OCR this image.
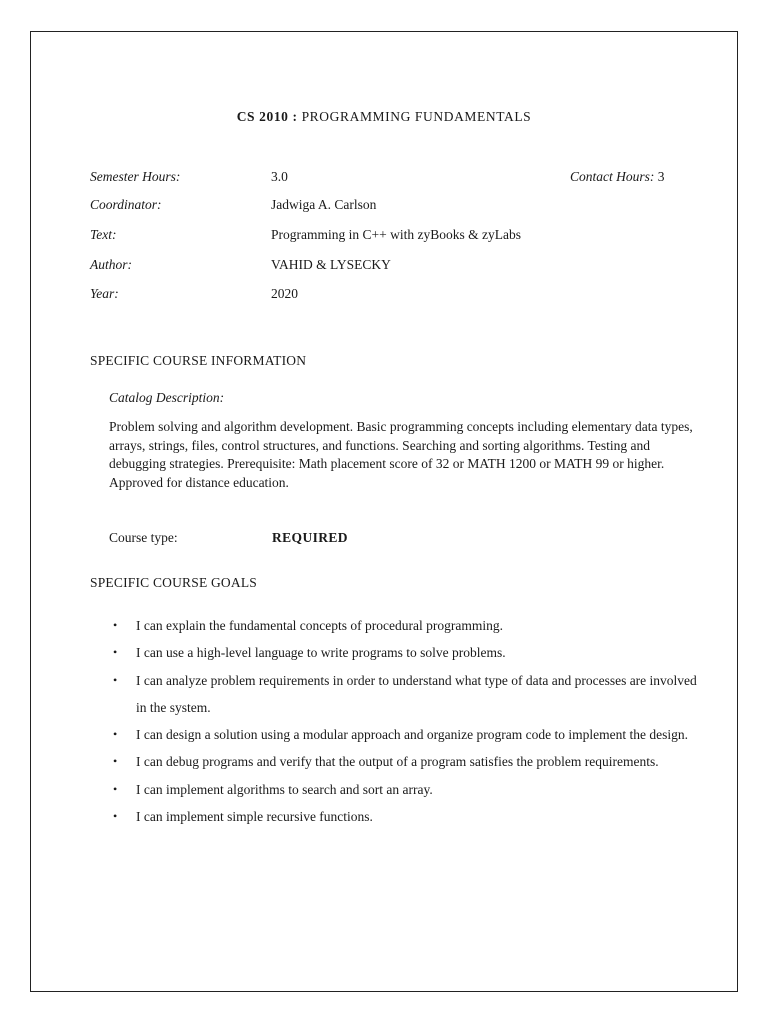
CS 2010 : PROGRAMMING FUNDAMENTALS
Semester Hours:	3.0	Contact Hours: 3
Coordinator:	Jadwiga A. Carlson
Text:	Programming in C++ with zyBooks & zyLabs
Author:	VAHID & LYSECKY
Year:	2020
SPECIFIC COURSE INFORMATION
Catalog Description:
Problem solving and algorithm development. Basic programming concepts including elementary data types, arrays, strings, files, control structures, and functions. Searching and sorting algorithms. Testing and debugging strategies. Prerequisite: Math placement score of 32 or MATH 1200 or MATH 99 or higher. Approved for distance education.
Course type:	REQUIRED
SPECIFIC COURSE GOALS
• I can explain the fundamental concepts of procedural programming.
• I can use a high-level language to write programs to solve problems.
• I can analyze problem requirements in order to understand what type of data and processes are involved in the system.
• I can design a solution using a modular approach and organize program code to implement the design.
• I can debug programs and verify that the output of a program satisfies the problem requirements.
• I can implement algorithms to search and sort an array.
• I can implement simple recursive functions.
